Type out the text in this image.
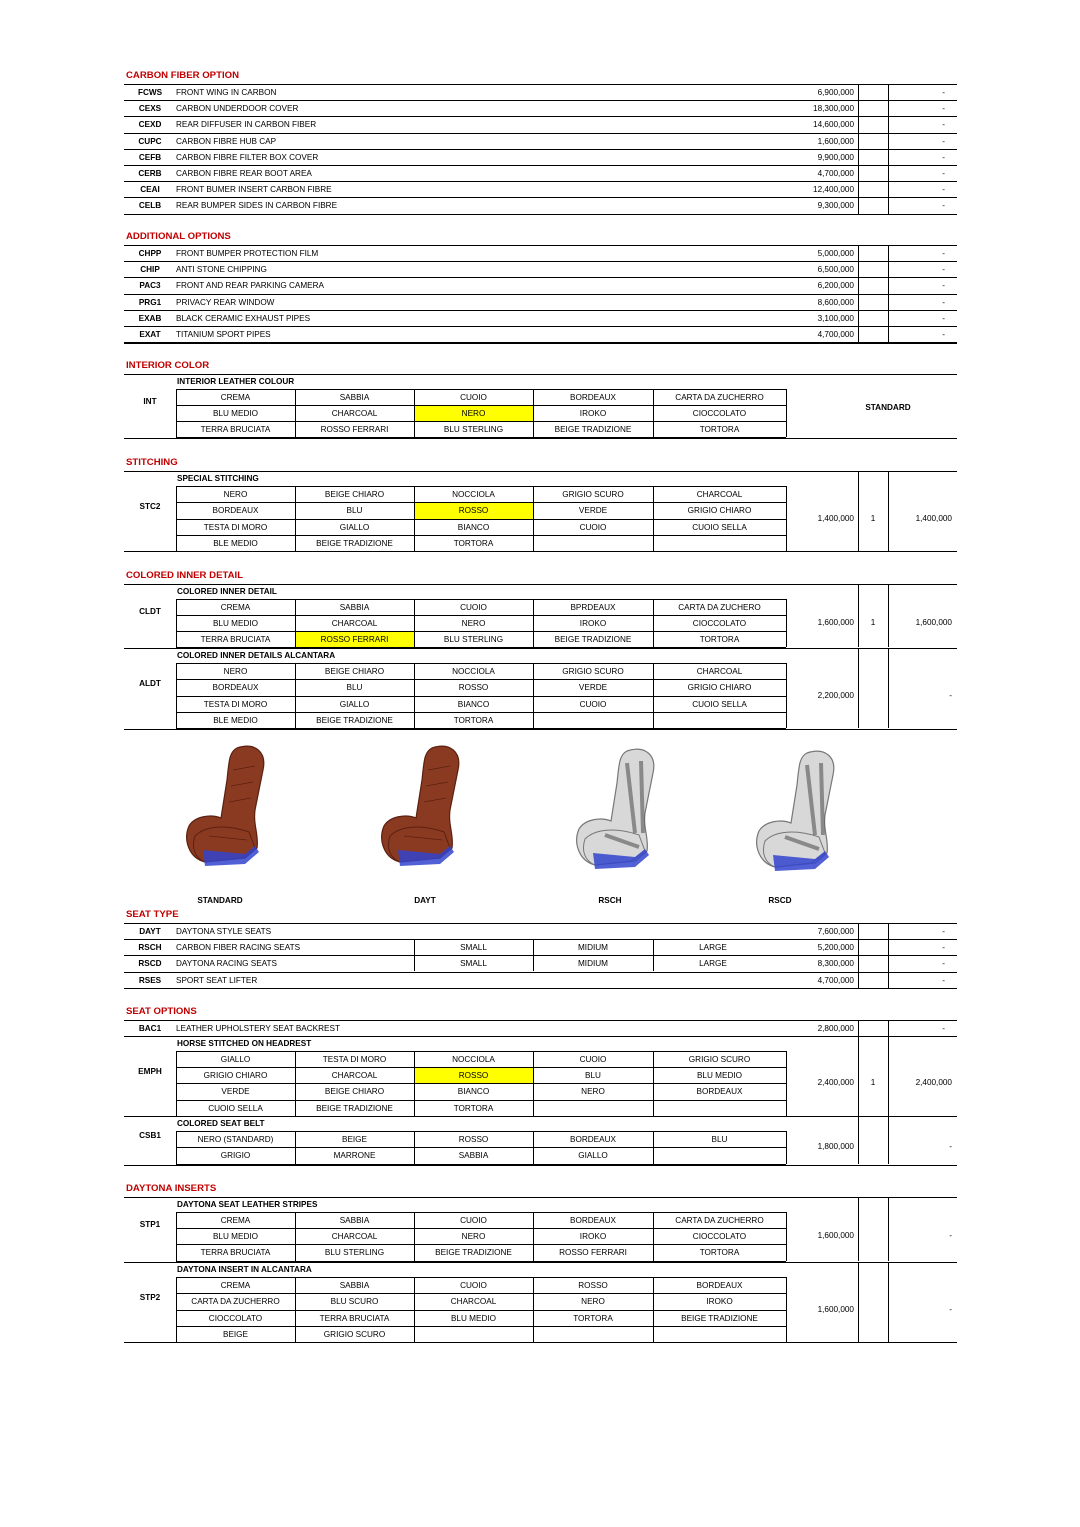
CARBON FIBER OPTION
FCWS	FRONT WING IN CARBON	6,900,000	-
CEXS	CARBON UNDERDOOR COVER	18,300,000	-
CEXD	REAR DIFFUSER IN CARBON FIBER	14,600,000	-
CUPC	CARBON FIBRE HUB CAP	1,600,000	-
CEFB	CARBON FIBRE FILTER BOX COVER	9,900,000	-
CERB	CARBON FIBRE REAR BOOT AREA	4,700,000	-
CEAI	FRONT BUMER INSERT CARBON FIBRE	12,400,000	-
CELB	REAR BUMPER SIDES IN CARBON FIBRE	9,300,000	-
ADDITIONAL OPTIONS
CHPP	FRONT BUMPER PROTECTION FILM	5,000,000	-
CHIP	ANTI STONE CHIPPING	6,500,000	-
PAC3	FRONT AND REAR PARKING CAMERA	6,200,000	-
PRG1	PRIVACY REAR WINDOW	8,600,000	-
EXAB	BLACK CERAMIC EXHAUST PIPES	3,100,000	-
EXAT	TITANIUM SPORT PIPES	4,700,000	-
INTERIOR COLOR
INTERIOR LEATHER COLOUR
CREMA	SABBIA	CUOIO	BORDEAUX	CARTA DA ZUCHERRO
BLU MEDIO	CHARCOAL	NERO	IROKO	CIOCCOLATO
TERRA BRUCIATA	ROSSO FERRARI	BLU STERLING	BEIGE TRADIZIONE	TORTORA
INT
STANDARD
STITCHING
SPECIAL STITCHING
NERO	BEIGE CHIARO	NOCCIOLA	GRIGIO SCURO	CHARCOAL
BORDEAUX	BLU	ROSSO	VERDE	GRIGIO CHIARO
TESTA DI MORO	GIALLO	BIANCO	CUOIO	CUOIO SELLA
BLE MEDIO	BEIGE TRADIZIONE	TORTORA
STC2
1,400,000	1	1,400,000
COLORED INNER DETAIL
COLORED INNER DETAIL
CREMA	SABBIA	CUOIO	BPRDEAUX	CARTA DA ZUCHERO
BLU MEDIO	CHARCOAL	NERO	IROKO	CIOCCOLATO
TERRA BRUCIATA	ROSSO FERRARI	BLU STERLING	BEIGE TRADIZIONE	TORTORA
CLDT
1,600,000	1	1,600,000
COLORED INNER DETAILS ALCANTARA
NERO	BEIGE CHIARO	NOCCIOLA	GRIGIO SCURO	CHARCOAL
BORDEAUX	BLU	ROSSO	VERDE	GRIGIO CHIARO
TESTA DI MORO	GIALLO	BIANCO	CUOIO	CUOIO SELLA
BLE MEDIO	BEIGE TRADIZIONE	TORTORA
ALDT
2,200,000	-
STANDARD	DAYT	RSCH	RSCD
SEAT TYPE
DAYT	DAYTONA STYLE SEATS	7,600,000	-
RSCH	CARBON FIBER RACING SEATS	SMALL	MIDIUM	LARGE	5,200,000	-
RSCD	DAYTONA RACING SEATS	SMALL	MIDIUM	LARGE	8,300,000	-
RSES	SPORT SEAT LIFTER	4,700,000	-
SEAT OPTIONS
BAC1	LEATHER UPHOLSTERY SEAT BACKREST	2,800,000	-
HORSE STITCHED ON HEADREST
GIALLO	TESTA DI MORO	NOCCIOLA	CUOIO	GRIGIO SCURO
GRIGIO CHIARO	CHARCOAL	ROSSO	BLU	BLU MEDIO
VERDE	BEIGE CHIARO	BIANCO	NERO	BORDEAUX
CUOIO SELLA	BEIGE TRADIZIONE	TORTORA
EMPH
2,400,000	1	2,400,000
COLORED SEAT BELT
NERO (STANDARD)	BEIGE	ROSSO	BORDEAUX	BLU
GRIGIO	MARRONE	SABBIA	GIALLO
CSB1
1,800,000	-
DAYTONA INSERTS
DAYTONA SEAT LEATHER STRIPES
CREMA	SABBIA	CUOIO	BORDEAUX	CARTA DA ZUCHERRO
BLU MEDIO	CHARCOAL	NERO	IROKO	CIOCCOLATO
TERRA BRUCIATA	BLU STERLING	BEIGE TRADIZIONE	ROSSO FERRARI	TORTORA
STP1
1,600,000	-
DAYTONA INSERT IN ALCANTARA
CREMA	SABBIA	CUOIO	ROSSO	BORDEAUX
CARTA DA ZUCHERRO	BLU SCURO	CHARCOAL	NERO	IROKO
CIOCCOLATO	TERRA BRUCIATA	BLU MEDIO	TORTORA	BEIGE TRADIZIONE
BEIGE	GRIGIO SCURO
STP2
1,600,000	-
